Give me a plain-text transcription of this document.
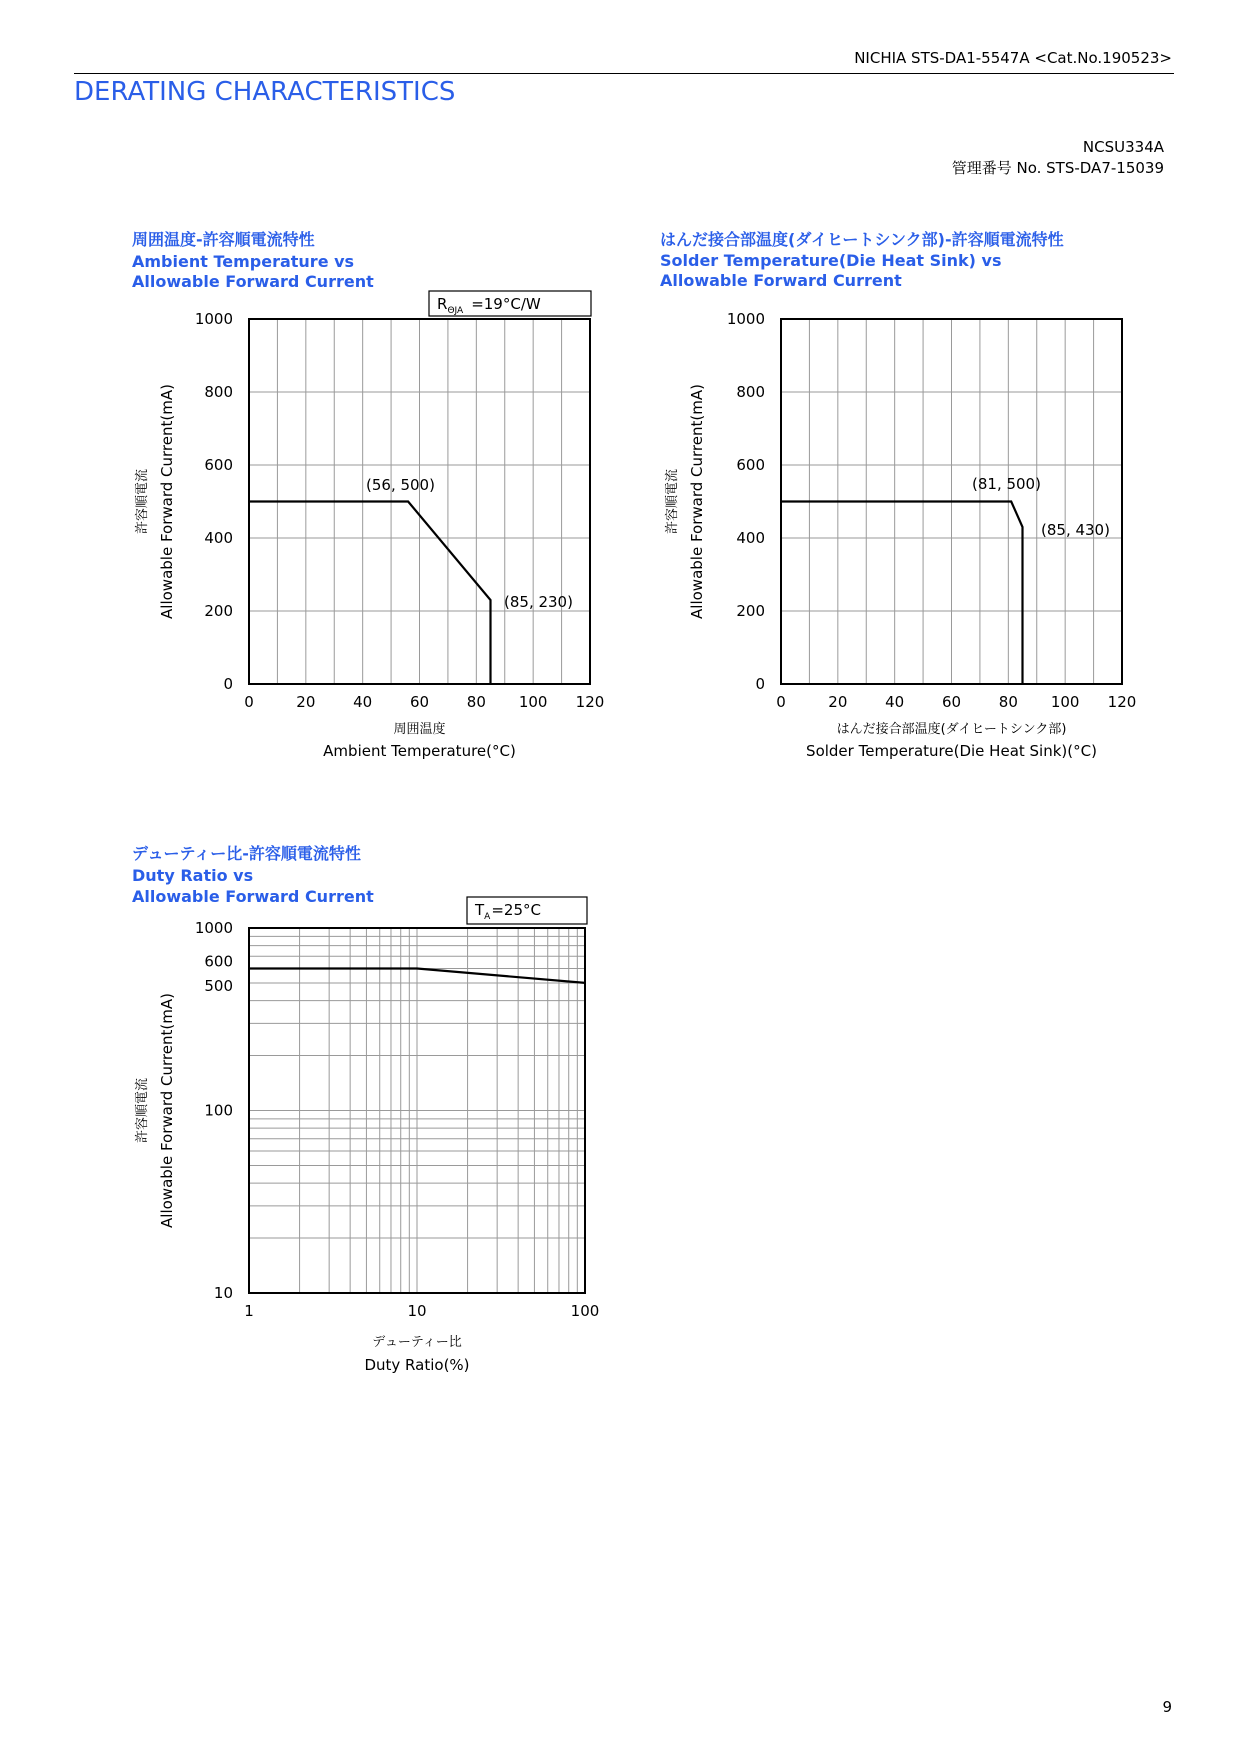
NICHIA STS-DA1-5547A <Cat.No.190523>
DERATING CHARACTERISTICS
NCSU334A
管理番号 No. STS-DA7-15039
周囲温度-許容順電流特性
Ambient Temperature vs
Allowable Forward Current
はんだ接合部温度(ダイヒートシンク部)-許容順電流特性
Solder Temperature(Die Heat Sink) vs
Allowable Forward Current
デューティー比-許容順電流特性
Duty Ratio vs
Allowable Forward Current
0	20	40	60	80 100 120
0
200
400
600
800
1000
周囲温度
Ambient Temperature(°C)
許容順電流 Allowable Forward Current(mA)
$R_{\Theta JA} =19^\circ C/W$
(56, 500)
(85, 230)
0	20	40	60	80 100 120
0
200
400
600
800
1000
はんだ接合部温度(ダイヒートシンク部)
Solder Temperature(Die Heat Sink)(°C)
許容順電流 Allowable Forward Current(mA)	(81, 500)
(85, 430)
1	10	100
10
100
500
600
1000
デューティー比
Duty Ratio(%)
許容順電流 Allowable Forward Current(mA)
$T_A=25^\circ C$
9
